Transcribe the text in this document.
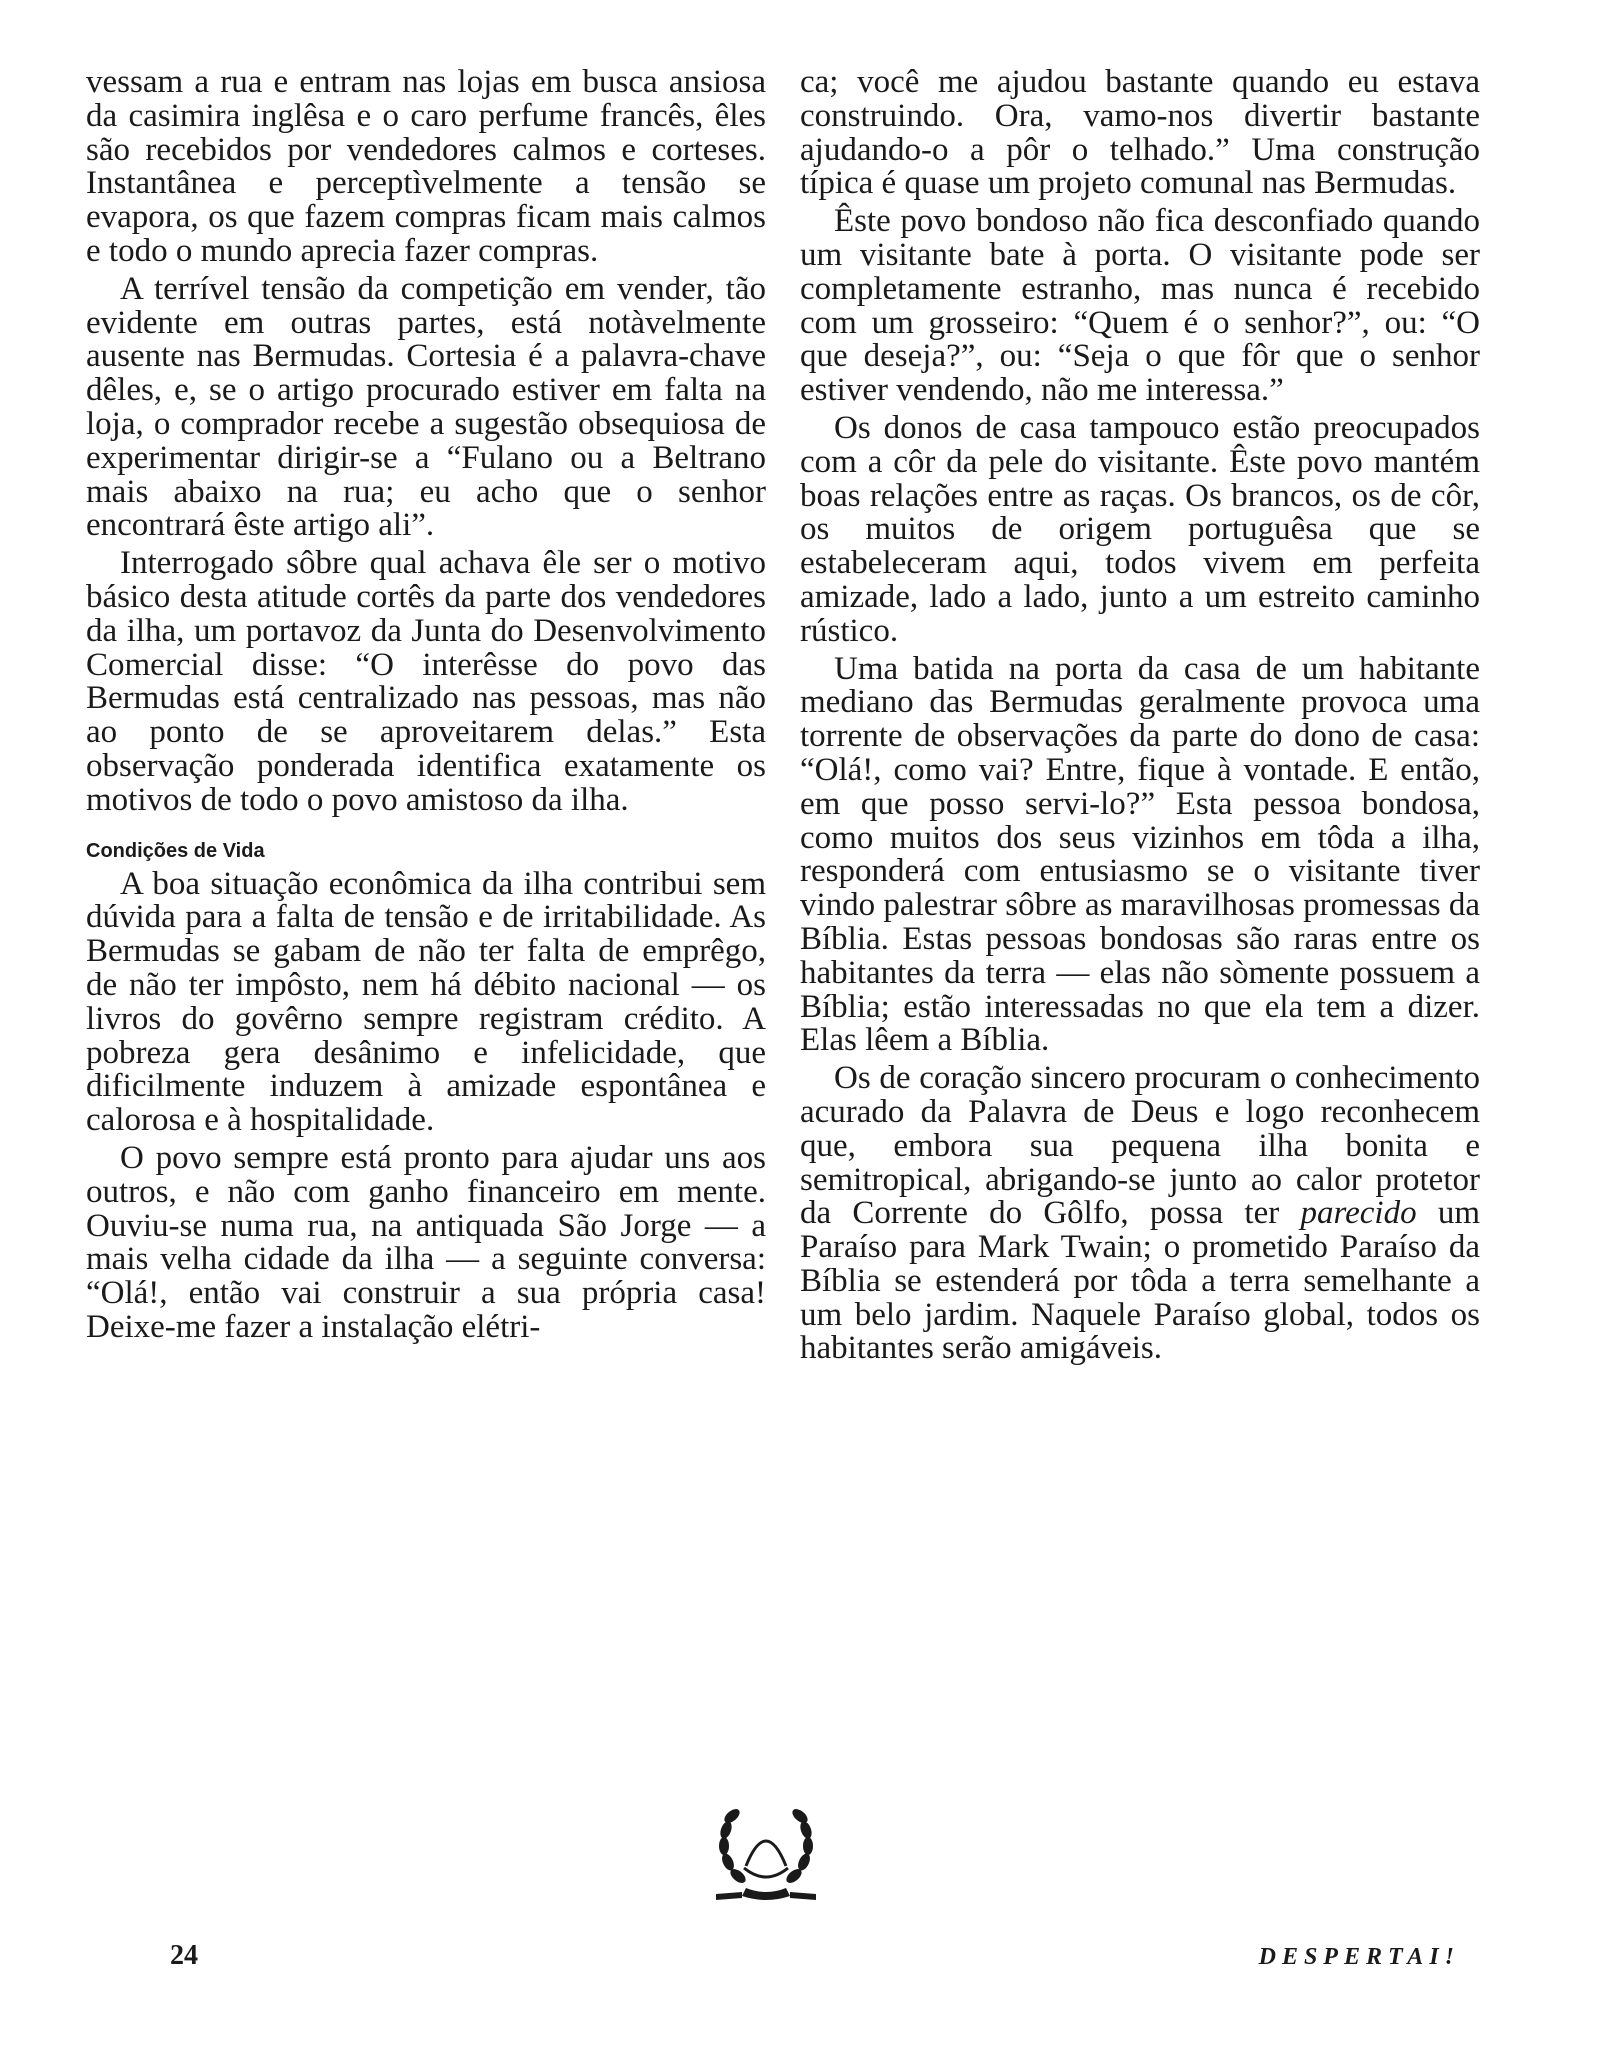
vessam a rua e entram nas lojas em busca ansiosa da casimira inglêsa e o caro perfume francês, êles são recebidos por vendedores calmos e corteses. Instantânea e perceptìvelmente a tensão se evapora, os que fazem compras ficam mais calmos e todo o mundo aprecia fazer compras.

A terrível tensão da competição em vender, tão evidente em outras partes, está notàvelmente ausente nas Bermudas. Cortesia é a palavra-chave dêles, e, se o artigo procurado estiver em falta na loja, o comprador recebe a sugestão obsequiosa de experimentar dirigir-se a “Fulano ou a Beltrano mais abaixo na rua; eu acho que o senhor encontrará êste artigo ali”.

Interrogado sôbre qual achava êle ser o motivo básico desta atitude cortês da parte dos vendedores da ilha, um portavoz da Junta do Desenvolvimento Comercial disse: “O interêsse do povo das Bermudas está centralizado nas pessoas, mas não ao ponto de se aproveitarem delas.” Esta observação ponderada identifica exatamente os motivos de todo o povo amistoso da ilha.

Condições de Vida

A boa situação econômica da ilha contribui sem dúvida para a falta de tensão e de irritabilidade. As Bermudas se gabam de não ter falta de emprêgo, de não ter impôsto, nem há débito nacional — os livros do govêrno sempre registram crédito. A pobreza gera desânimo e infelicidade, que dificilmente induzem à amizade espontânea e calorosa e à hospitalidade.

O povo sempre está pronto para ajudar uns aos outros, e não com ganho financeiro em mente. Ouviu-se numa rua, na antiquada São Jorge — a mais velha cidade da ilha — a seguinte conversa: “Olá!, então vai construir a sua própria casa! Deixe-me fazer a instalação elétri-

ca; você me ajudou bastante quando eu estava construindo. Ora, vamo-nos divertir bastante ajudando-o a pôr o telhado.” Uma construção típica é quase um projeto comunal nas Bermudas.

Êste povo bondoso não fica desconfiado quando um visitante bate à porta. O visitante pode ser completamente estranho, mas nunca é recebido com um grosseiro: “Quem é o senhor?”, ou: “O que deseja?”, ou: “Seja o que fôr que o senhor estiver vendendo, não me interessa.”

Os donos de casa tampouco estão preocupados com a côr da pele do visitante. Êste povo mantém boas relações entre as raças. Os brancos, os de côr, os muitos de origem portuguêsa que se estabeleceram aqui, todos vivem em perfeita amizade, lado a lado, junto a um estreito caminho rústico.

Uma batida na porta da casa de um habitante mediano das Bermudas geralmente provoca uma torrente de observações da parte do dono de casa: “Olá!, como vai? Entre, fique à vontade. E então, em que posso servi-lo?” Esta pessoa bondosa, como muitos dos seus vizinhos em tôda a ilha, responderá com entusiasmo se o visitante tiver vindo palestrar sôbre as maravilhosas promessas da Bíblia. Estas pessoas bondosas são raras entre os habitantes da terra — elas não sòmente possuem a Bíblia; estão interessadas no que ela tem a dizer. Elas lêem a Bíblia.

Os de coração sincero procuram o conhecimento acurado da Palavra de Deus e logo reconhecem que, embora sua pequena ilha bonita e semitropical, abrigando-se junto ao calor protetor da Corrente do Gôlfo, possa ter parecido um Paraíso para Mark Twain; o prometido Paraíso da Bíblia se estenderá por tôda a terra semelhante a um belo jardim. Naquele Paraíso global, todos os habitantes serão amigáveis.

24	DESPERTAI!
